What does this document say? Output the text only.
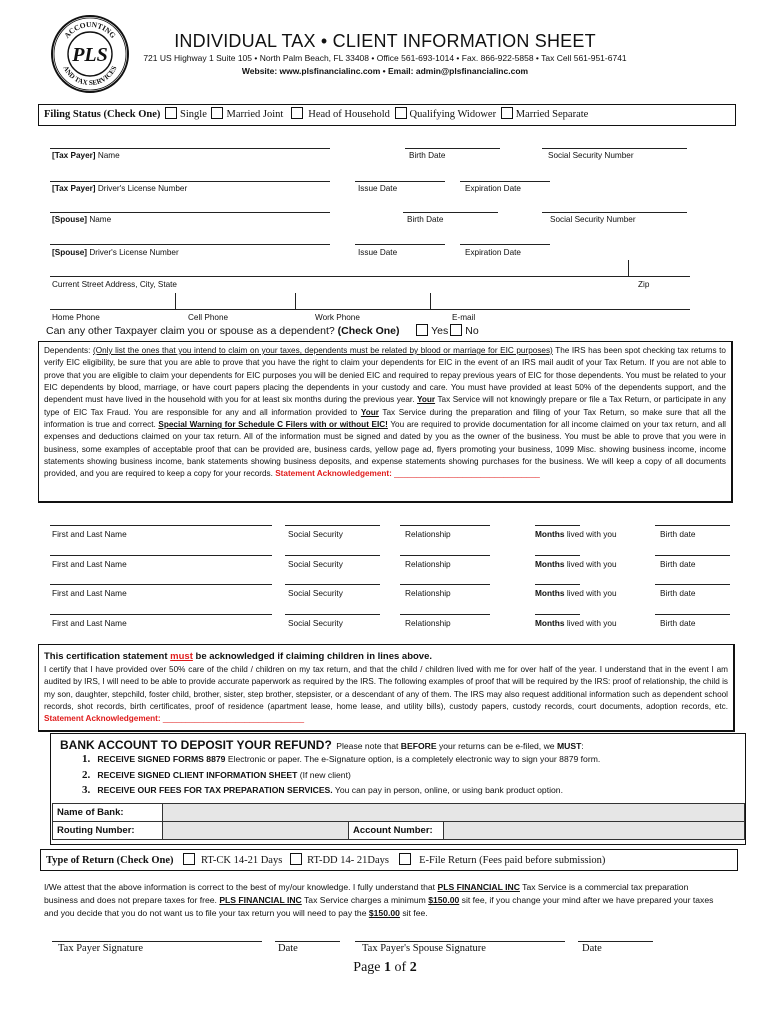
ACCOUNTING
AND TAX SERVICES
PLS
INDIVIDUAL TAX • CLIENT INFORMATION SHEET
721 US Highway 1 Suite 105 • North Palm Beach, FL 33408 • Office 561-693-1014 • Fax. 866-922-5858 • Tax Cell 561-951-6741
Website: www.plsfinancialinc.com • Email: admin@plsfinancialinc.com
Filing Status (Check One) Single Married Joint Head of Household Qualifying Widower Married Separate
[Tax Payer] Name	Birth Date	Social Security Number
[Tax Payer] Driver's License Number	Issue Date	Expiration Date
[Spouse] Name	Birth Date	Social Security Number
[Spouse] Driver's License Number	Issue Date	Expiration Date
Current Street Address, City, State	Zip
Home Phone	Cell Phone	Work Phone	E-mail
Can any other Taxpayer claim you or spouse as a dependent? (Check One)	Yes No
Dependents: (Only list the ones that you intend to claim on your taxes, dependents must be related by blood or marriage for EIC purposes) The IRS has been spot checking tax returns to verify EIC eligibility, be sure that you are able to prove that you have the right to claim your dependents for EIC in the event of an IRS mail audit of your Tax Return. If you are not able to prove that you are eligible to claim your dependents for EIC purposes you will be denied EIC and required to repay previous years of EIC for those dependents. You must be related to your EIC dependents by blood, marriage, or have court papers placing the dependents in your custody and care. You must have provided at least 50% of the dependents support, and the dependent must have lived in the household with you for at least six months during the previous year. Your Tax Service will not knowingly prepare or file a Tax Return, or participate in any type of EIC Tax Fraud. You are responsible for any and all information provided to Your Tax Service during the preparation and filing of your Tax Return, so make sure that all the information is true and correct. Special Warning for Schedule C Filers with or without EIC! You are required to provide documentation for all income claimed on your tax return, and all expenses and deductions claimed on your tax return. All of the information must be signed and dated by you as the owner of the business. You must be able to prove that you were in business, some examples of acceptable proof that can be provided are, business cards, yellow page ad, flyers promoting your business, 1099 Misc. showing business income, income statements showing business income, bank statements showing business deposits, and expense statements showing purchases for the business. We will keep a copy of all documents provided, and you are required to keep a copy for your records. Statement Acknowledgement: ________________________________
First and Last Name	Social Security	Relationship	Months lived with you	Birth date
First and Last Name	Social Security	Relationship	Months lived with you	Birth date
First and Last Name	Social Security	Relationship	Months lived with you	Birth date
First and Last Name	Social Security	Relationship	Months lived with you	Birth date
This certification statement must be acknowledged if claiming children in lines above.
I certify that I have provided over 50% care of the child / children on my tax return, and that the child / children lived with me for over half of the year. I understand that in the event I am audited by IRS, I will need to be able to provide accurate paperwork as required by the IRS. The following examples of proof that will be required by the IRS: proof of relationship, the child is my son, daughter, stepchild, foster child, brother, sister, step brother, stepsister, or a descendant of any of them. The IRS may also request additional information such as dependent school records, shot records, birth certificates, proof of residence (apartment lease, home lease, and utility bills), custody papers, custody records, court documents, adoption records, etc. Statement Acknowledgement: _______________________________
BANK ACCOUNT TO DEPOSIT YOUR REFUND? Please note that BEFORE your returns can be e-filed, we MUST:
1. RECEIVE SIGNED FORMS 8879 Electronic or paper. The e-Signature option, is a completely electronic way to sign your 8879 form.
2. RECEIVE SIGNED CLIENT INFORMATION SHEET (If new client)
3. RECEIVE OUR FEES FOR TAX PREPARATION SERVICES. You can pay in person, online, or using bank product option.
Name of Bank:			
Routing Number:		Account Number:	
Type of Return (Check One)	RT-CK 14-21 Days RT-DD 14- 21Days	E-File Return (Fees paid before submission)
I/We attest that the above information is correct to the best of my/our knowledge. I fully understand that PLS FINANCIAL INC Tax Service is a commercial tax preparation business and does not prepare taxes for free. PLS FINANCIAL INC Tax Service charges a minimum $150.00 sit fee, if you change your mind after we have prepared your taxes and you decide that you do not want us to file your tax return you will need to pay the $150.00 sit fee.
Tax Payer Signature	Date	Tax Payer's Spouse Signature	Date
Page 1 of 2
